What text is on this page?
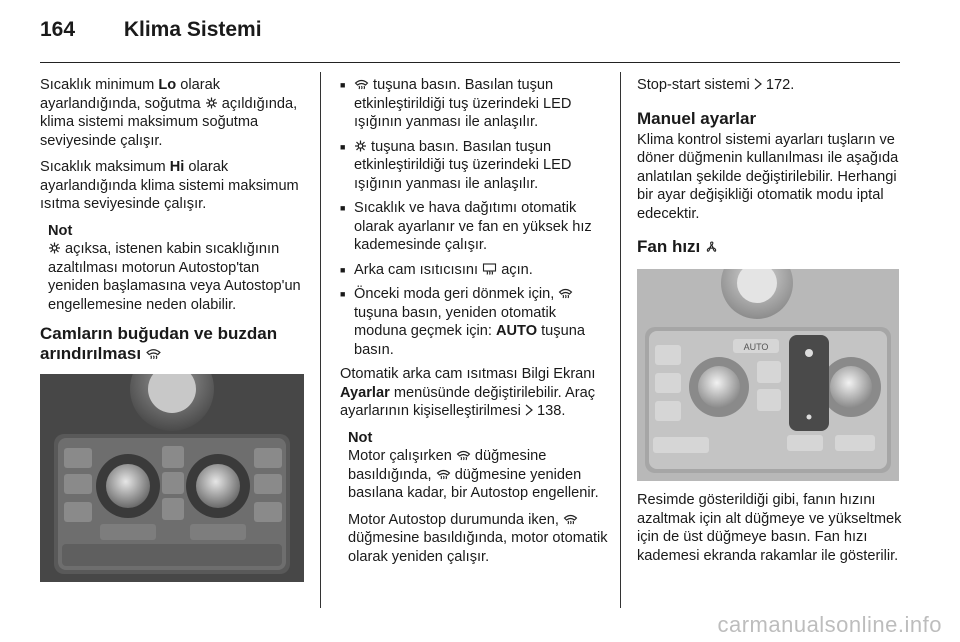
164 Klima Sistemi

Sıcaklık minimum Lo olarak ayarlandığında, soğutma  açıldığında, klima sistemi maksimum soğutma seviyesinde çalışır.

Sıcaklık maksimum Hi olarak ayarlandığında klima sistemi maksimum ısıtma seviyesinde çalışır.

Not

açıksa, istenen kabin sıcaklığının azaltılması motorun Autostop'tan yeniden başlamasına veya Autostop'un engellemesine neden olabilir.

Camların buğudan ve buzdan arındırılması
■ tuşuna basın. Basılan tuşun etkinleştirildiği tuş üzerindeki LED ışığının yanması ile anlaşılır.
■ tuşuna basın. Basılan tuşun etkinleştirildiği tuş üzerindeki LED ışığının yanması ile anlaşılır.
■ Sıcaklık ve hava dağıtımı otomatik olarak ayarlanır ve fan en yüksek hız kademesinde çalışır.
■ Arka cam ısıtıcısını  açın.
■ Önceki moda geri dönmek için,  tuşuna basın, yeniden otomatik moduna geçmek için: AUTO tuşuna basın.

Otomatik arka cam ısıtması Bilgi Ekranı Ayarlar menüsünde değiştirilebilir. Araç ayarlarının kişiselleştirilmesi  138.

Not

Motor çalışırken  düğmesine basıldığında,  düğmesine yeniden basılana kadar, bir Autostop engellenir.

Motor Autostop durumunda iken,  düğmesine basıldığında, motor otomatik olarak yeniden çalışır.

Stop-start sistemi  172.

Manuel ayarlar

Klima kontrol sistemi ayarları tuşların ve döner düğmenin kullanılması ile aşağıda anlatılan şekilde değiştirilebilir. Herhangi bir ayar değişikliği otomatik modu iptal edecektir.

Fan hızı
AUTO

Resimde gösterildiği gibi, fanın hızını azaltmak için alt düğmeye ve yükseltmek için de üst düğmeye basın. Fan hızı kademesi ekranda rakamlar ile gösterilir.

carmanualsonline.info
